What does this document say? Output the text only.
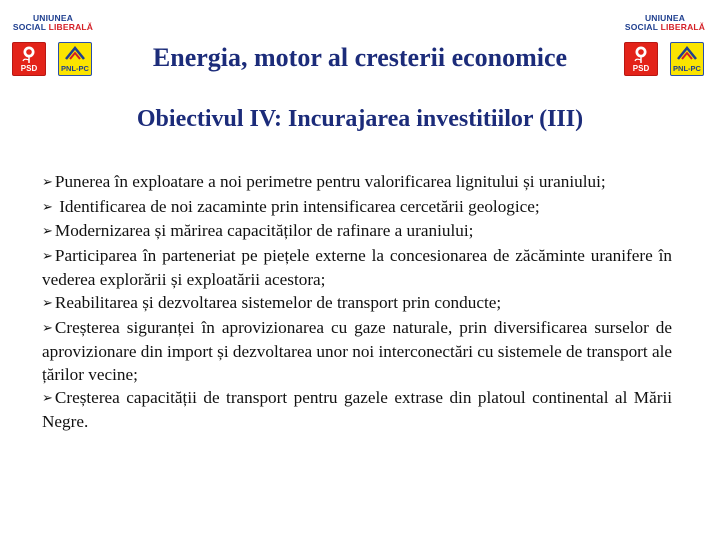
UNIUNEA
SOCIAL LIBERALĂ
PSD	PNL-PC
UNIUNEA
SOCIAL LIBERALĂ
PSD	PNL-PC
Energia, motor al cresterii economice
Obiectivul IV: Incurajarea investitiilor (III)
➢ Punerea în exploatare a noi perimetre pentru valorificarea lignitului și uraniului;
➢ Identificarea de noi zacaminte prin intensificarea cercetării geologice;
➢ Modernizarea și mărirea capacităților de rafinare a uraniului;
➢ Participarea în parteneriat pe piețele externe la concesionarea de zăcăminte uranifere în vederea explorării și exploatării acestora;
➢ Reabilitarea și dezvoltarea sistemelor de transport prin conducte;
➢ Creșterea siguranței în aprovizionarea cu gaze naturale, prin diversificarea surselor de aprovizionare din import și dezvoltarea unor noi interconectări cu sistemele de transport ale țărilor vecine;
➢ Creșterea capacității de transport pentru gazele extrase din platoul continental al Mării Negre.
